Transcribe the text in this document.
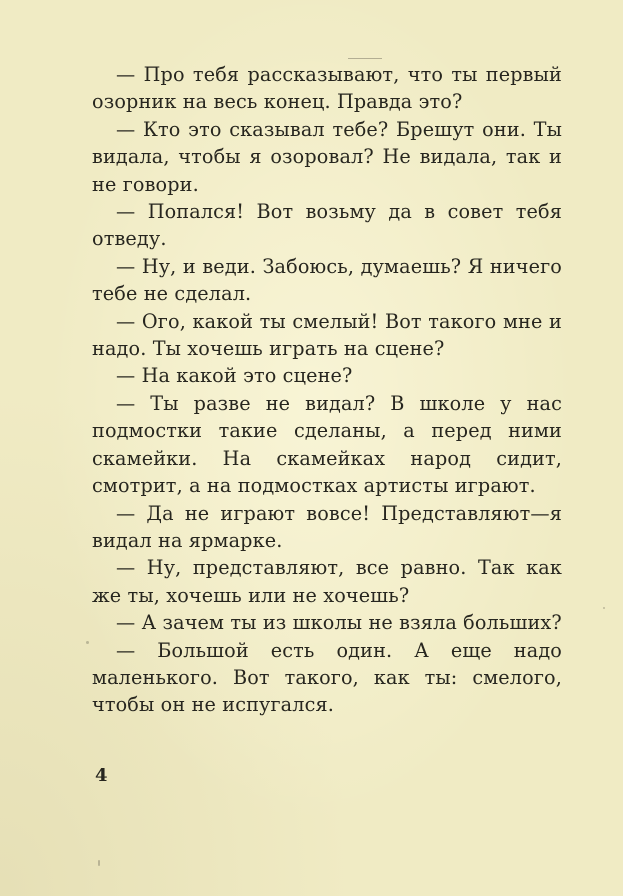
— Про тебя рассказывают, что ты первый озорник на весь конец. Правда это?

— Кто это сказывал тебе? Брешут они. Ты видала, чтобы я озоровал? Не видала, так и не говори.

— Попался! Вот возьму да в совет тебя отведу.

— Ну, и веди. Забоюсь, думаешь? Я ничего тебе не сделал.

— Ого, какой ты смелый! Вот такого мне и надо. Ты хочешь играть на сцене?

— На какой это сцене?

— Ты разве не видал? В школе у нас подмостки такие сделаны, а перед ними скамейки. На скамейках народ сидит, смотрит, а на подмостках артисты играют.

— Да не играют вовсе! Представляют—я видал на ярмарке.

— Ну, представляют, все равно. Так как же ты, хочешь или не хочешь?

— А зачем ты из школы не взяла больших?

— Большой есть один. А еще надо маленького. Вот такого, как ты: смелого, чтобы он не испугался.

4
